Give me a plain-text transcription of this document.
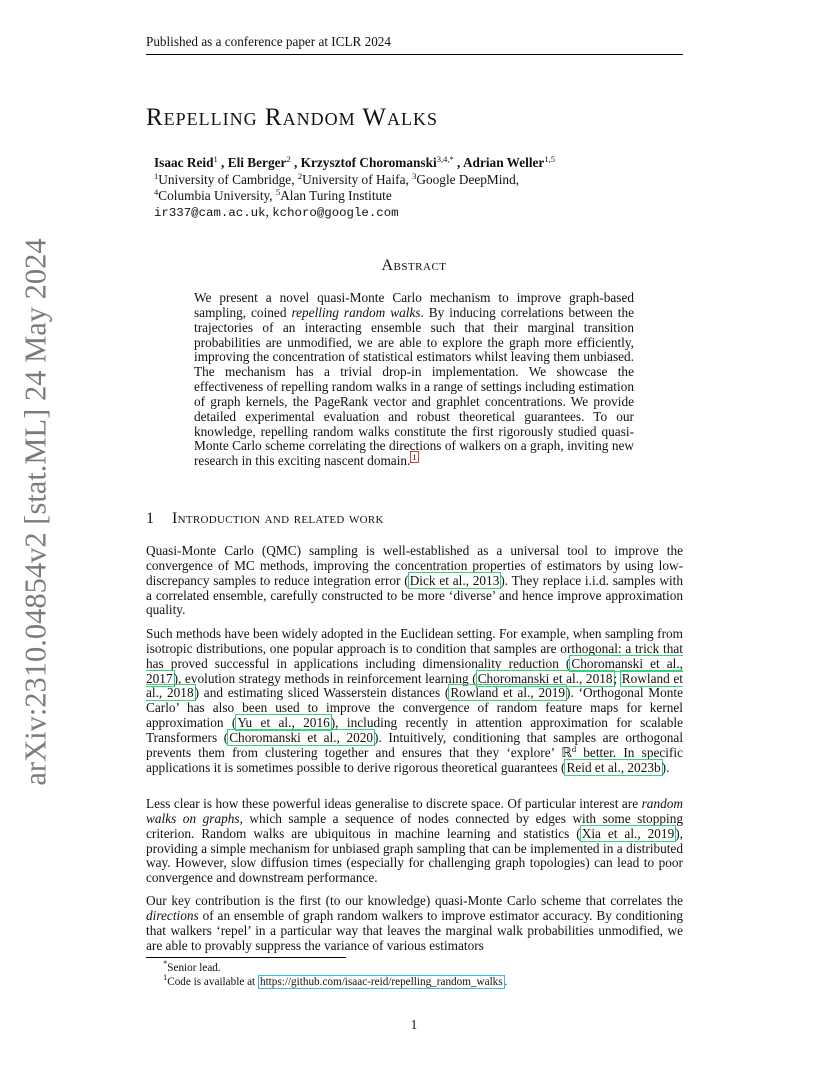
Published as a conference paper at ICLR 2024
arXiv:2310.04854v2 [stat.ML] 24 May 2024
Repelling Random Walks
Isaac Reid$^1$ , Eli Berger$^2$ , Krzysztof Choromanski$^{3,4,*}$ , Adrian Weller$^{1,5}$
$^1$University of Cambridge, $^2$University of Haifa, $^3$Google DeepMind,
$^4$Columbia University, $^5$Alan Turing Institute
ir337@cam.ac.uk, kchoro@google.com
Abstract
We present a novel quasi-Monte Carlo mechanism to improve graph-based sampling, coined repelling random walks. By inducing correlations between the trajectories of an interacting ensemble such that their marginal transition probabilities are unmodified, we are able to explore the graph more efficiently, improving the concentration of statistical estimators whilst leaving them unbiased. The mechanism has a trivial drop-in implementation. We showcase the effectiveness of repelling random walks in a range of settings including estimation of graph kernels, the PageRank vector and graphlet concentrations. We provide detailed experimental evaluation and robust theoretical guarantees. To our knowledge, repelling random walks constitute the first rigorously studied quasi-Monte Carlo scheme correlating the directions of walkers on a graph, inviting new research in this exciting nascent domain. $^1$
1 Introduction and related work
Quasi-Monte Carlo (QMC) sampling is well-established as a universal tool to improve the convergence of MC methods, improving the concentration properties of estimators by using low-discrepancy samples to reduce integration error (Dick et al., 2013). They replace i.i.d. samples with a correlated ensemble, carefully constructed to be more ‘diverse’ and hence improve approximation quality.
Such methods have been widely adopted in the Euclidean setting. For example, when sampling from isotropic distributions, one popular approach is to condition that samples are orthogonal: a trick that has proved successful in applications including dimensionality reduction (Choromanski et al., 2017), evolution strategy methods in reinforcement learning (Choromanski et al., 2018; Rowland et al., 2018) and estimating sliced Wasserstein distances (Rowland et al., 2019). ‘Orthogonal Monte Carlo’ has also been used to improve the convergence of random feature maps for kernel approximation (Yu et al., 2016), including recently in attention approximation for scalable Transformers (Choromanski et al., 2020). Intuitively, conditioning that samples are orthogonal prevents them from clustering together and ensures that they ‘explore’ ℝ$^d$ better. In specific applications it is sometimes possible to derive rigorous theoretical guarantees (Reid et al., 2023b).
Less clear is how these powerful ideas generalise to discrete space. Of particular interest are random walks on graphs, which sample a sequence of nodes connected by edges with some stopping criterion. Random walks are ubiquitous in machine learning and statistics (Xia et al., 2019), providing a simple mechanism for unbiased graph sampling that can be implemented in a distributed way. However, slow diffusion times (especially for challenging graph topologies) can lead to poor convergence and downstream performance.
Our key contribution is the first (to our knowledge) quasi-Monte Carlo scheme that correlates the directions of an ensemble of graph random walkers to improve estimator accuracy. By conditioning that walkers ‘repel’ in a particular way that leaves the marginal walk probabilities unmodified, we are able to provably suppress the variance of various estimators
*Senior lead.
$^1$Code is available at https://github.com/isaac-reid/repelling_random_walks .
1
